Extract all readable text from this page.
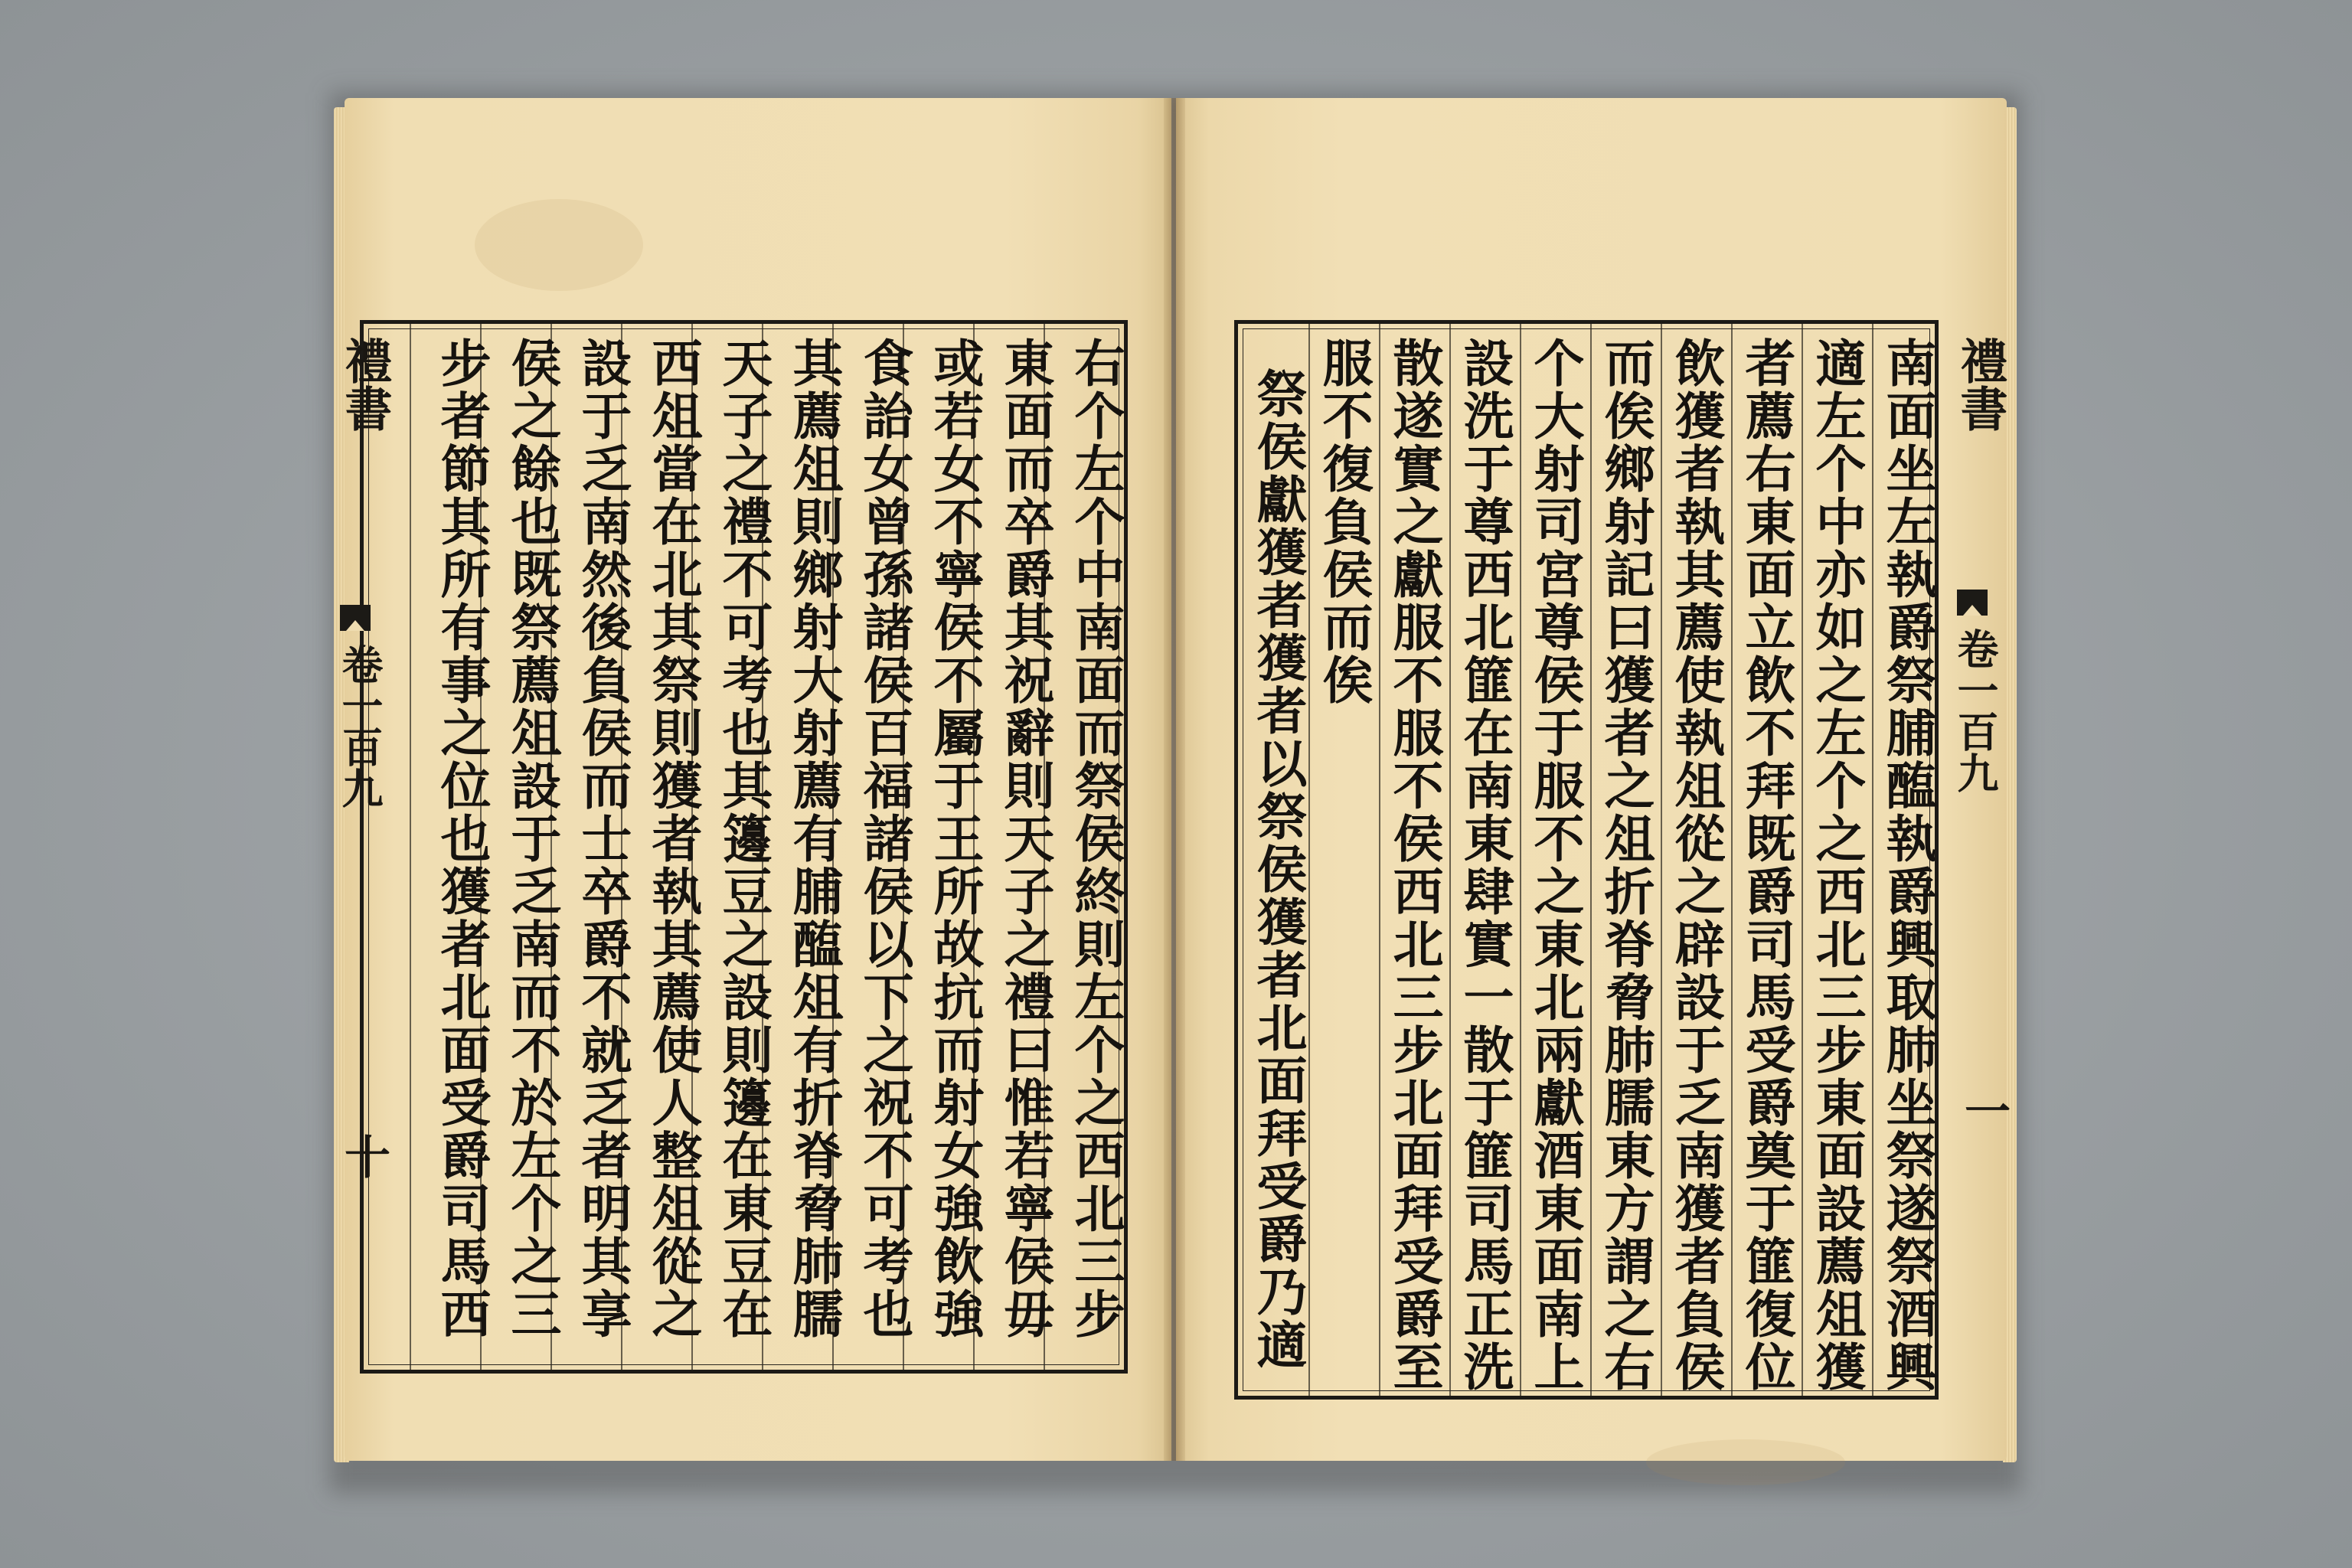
禮書
卷一百九
十	右个左个中南面而祭侯終則左个之西北三步
東面而卒爵其祝辭則天子之禮曰惟若寧侯毋
或若女不寧侯不屬于王所故抗而射女強飲強
食詒女曾孫諸侯百福諸侯以下之祝不可考也
其薦俎則鄉射大射薦有脯醢俎有折脊脅肺臑
天子之禮不可考也其籩豆之設則籩在東豆在
西俎當在北其祭則獲者執其薦使人整俎從之
設于乏南然後負侯而士卒爵不就乏者明其享
侯之餘也既祭薦俎設于乏南而不於左个之三
步者節其所有事之位也獲者北面受爵司馬西	禮書
卷一百九
一
南面坐左執爵祭脯醢執爵興取肺坐祭遂祭酒興
適左个中亦如之左个之西北三步東面設薦俎獲
者薦右東面立飲不拜既爵司馬受爵奠于篚復位
飲獲者執其薦使執俎從之辟設于乏南獲者負侯
而俟鄉射記曰獲者之俎折脊脅肺臑東方謂之右
个大射司宮尊侯于服不之東北兩獻酒東面南上
設洗于尊西北篚在南東肆實一散于篚司馬正洗
散遂實之獻服不服不侯西北三步北面拜受爵至
服不復負侯而俟
祭侯獻獲者獲者以祭侯獲者北面拜受爵乃適
